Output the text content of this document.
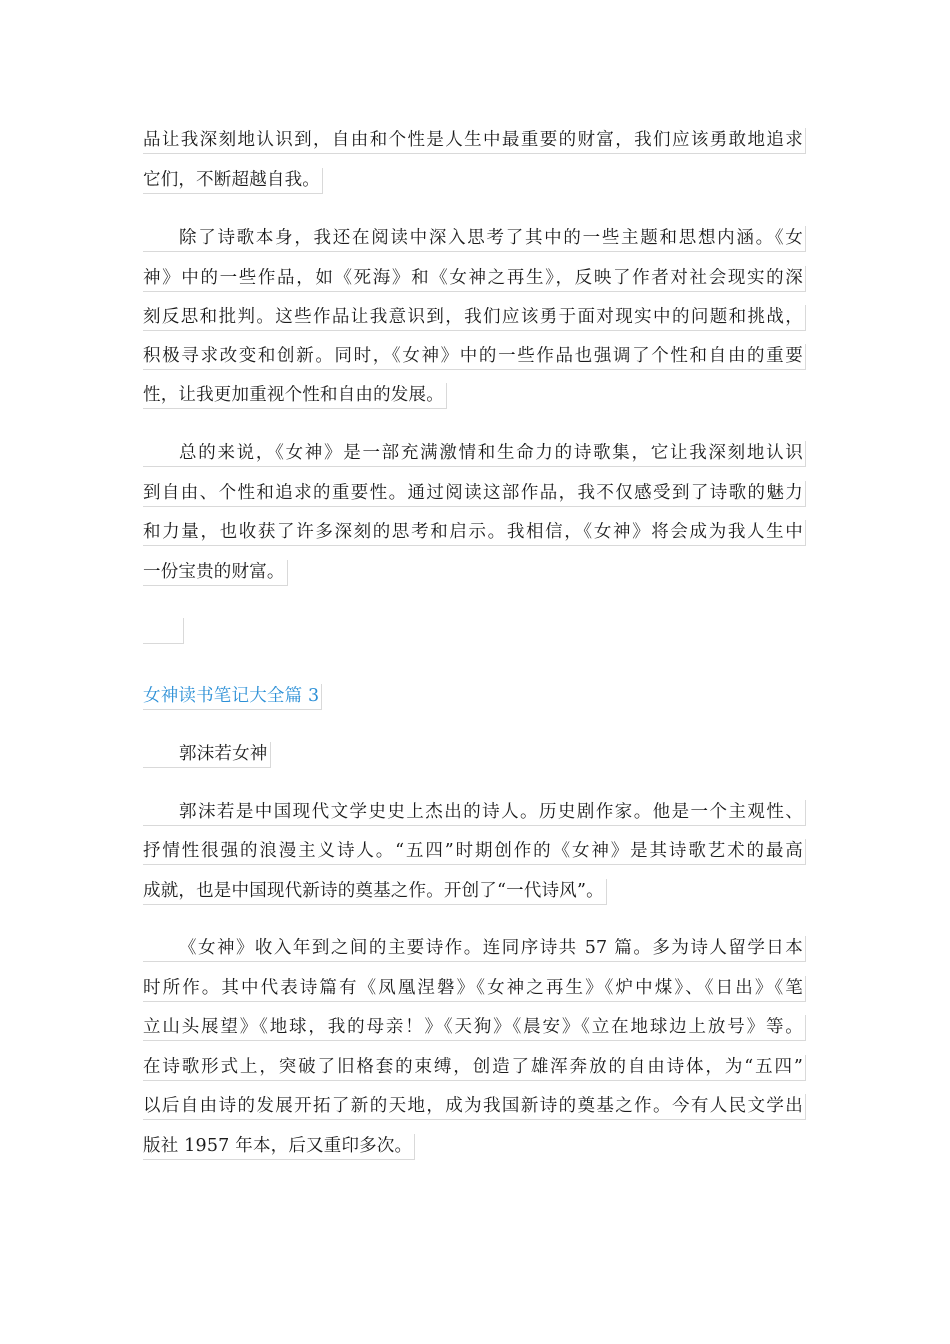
品让我深刻地认识到，自由和个性是人生中最重要的财富，我们应该勇敢地追求
它们，不断超越自我。
除了诗歌本身，我还在阅读中深入思考了其中的一些主题和思想内涵。《女
神》中的一些作品，如《死海》和《女神之再生》，反映了作者对社会现实的深
刻反思和批判。这些作品让我意识到，我们应该勇于面对现实中的问题和挑战，
积极寻求改变和创新。同时，《女神》中的一些作品也强调了个性和自由的重要
性，让我更加重视个性和自由的发展。
总的来说，《女神》是一部充满激情和生命力的诗歌集，它让我深刻地认识
到自由、个性和追求的重要性。通过阅读这部作品，我不仅感受到了诗歌的魅力
和力量，也收获了许多深刻的思考和启示。我相信，《女神》将会成为我人生中
一份宝贵的财富。
女神读书笔记大全篇 3
郭沫若女神
郭沫若是中国现代文学史史上杰出的诗人。历史剧作家。他是一个主观性、
抒情性很强的浪漫主义诗人。“五四”时期创作的《女神》是其诗歌艺术的最高
成就，也是中国现代新诗的奠基之作。开创了“一代诗风”。
《女神》收入年到之间的主要诗作。连同序诗共 57 篇。多为诗人留学日本
时所作。其中代表诗篇有《凤凰涅磐》《女神之再生》《炉中煤》、《日出》《笔
立山头展望》《地球，我的母亲！》《天狗》《晨安》《立在地球边上放号》等。
在诗歌形式上，突破了旧格套的束缚，创造了雄浑奔放的自由诗体，为“五四”
以后自由诗的发展开拓了新的天地，成为我国新诗的奠基之作。今有人民文学出
版社 1957 年本，后又重印多次。
